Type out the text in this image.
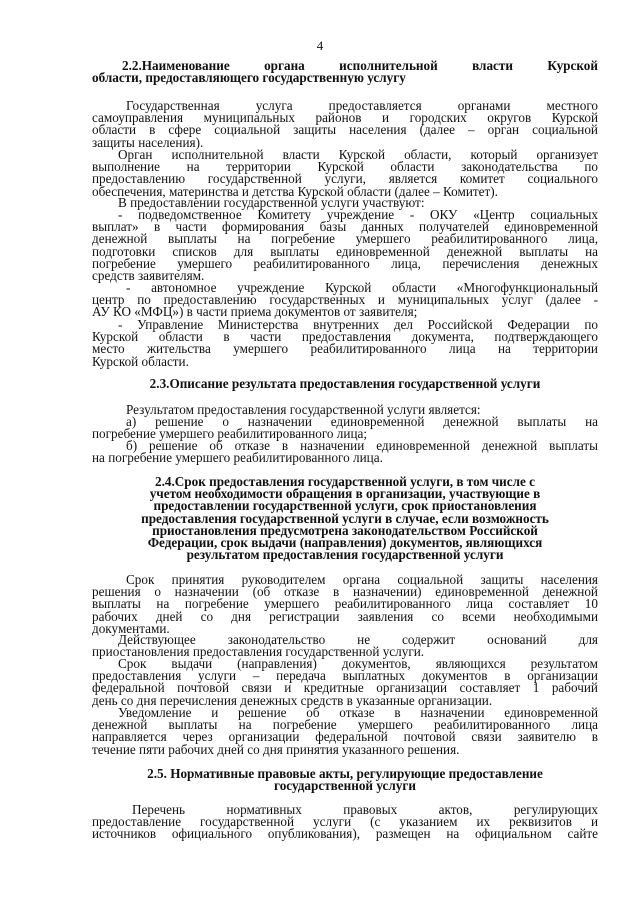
4
2.2.Наименование органа исполнительной власти Курской
области, предоставляющего государственную услугу
Государственная услуга предоставляется органами местного
самоуправления муниципальных районов и городских округов Курской
области в сфере социальной защиты населения (далее – орган социальной
защиты населения).
Орган исполнительной власти Курской области, который организует
выполнение на территории Курской области законодательства по
предоставлению государственной услуги, является комитет социального
обеспечения, материнства и детства Курской области (далее – Комитет).
В предоставлении государственной услуги участвуют:
- подведомственное Комитету учреждение - ОКУ «Центр социальных
выплат» в части формирования базы данных получателей единовременной
денежной выплаты на погребение умершего реабилитированного лица,
подготовки списков для выплаты единовременной денежной выплаты на
погребение умершего реабилитированного лица, перечисления денежных
средств заявителям.
- автономное учреждение Курской области «Многофункциональный
центр по предоставлению государственных и муниципальных услуг (далее -
АУ КО «МФЦ») в части приема документов от заявителя;
- Управление Министерства внутренних дел Российской Федерации по
Курской области в части предоставления документа, подтверждающего
место жительства умершего реабилитированного лица на территории
Курской области.
2.3.Описание результата предоставления государственной услуги
Результатом предоставления государственной услуги является:
а) решение о назначении единовременной денежной выплаты на
погребение умершего реабилитированного лица;
б) решение об отказе в назначении единовременной денежной выплаты
на погребение умершего реабилитированного лица.
2.4.Срок предоставления государственной услуги, в том числе с
учетом необходимости обращения в организации, участвующие в
предоставлении государственной услуги, срок приостановления
предоставления государственной услуги в случае, если возможность
приостановления предусмотрена законодательством Российской
Федерации, срок выдачи (направления) документов, являющихся
результатом предоставления государственной услуги
Срок принятия руководителем органа социальной защиты населения
решения о назначении (об отказе в назначении) единовременной денежной
выплаты на погребение умершего реабилитированного лица составляет 10
рабочих дней со дня регистрации заявления со всеми необходимыми
документами.
Действующее законодательство не содержит оснований для
приостановления предоставления государственной услуги.
Срок выдачи (направления) документов, являющихся результатом
предоставления услуги – передача выплатных документов в организации
федеральной почтовой связи и кредитные организации составляет 1 рабочий
день со дня перечисления денежных средств в указанные организации.
Уведомление и решение об отказе в назначении единовременной
денежной выплаты на погребение умершего реабилитированного лица
направляется через организации федеральной почтовой связи заявителю в
течение пяти рабочих дней со дня принятия указанного решения.
2.5. Нормативные правовые акты, регулирующие предоставление
государственной услуги
Перечень нормативных правовых актов, регулирующих
предоставление государственной услуги (с указанием их реквизитов и
источников официального опубликования), размещен на официальном сайте
